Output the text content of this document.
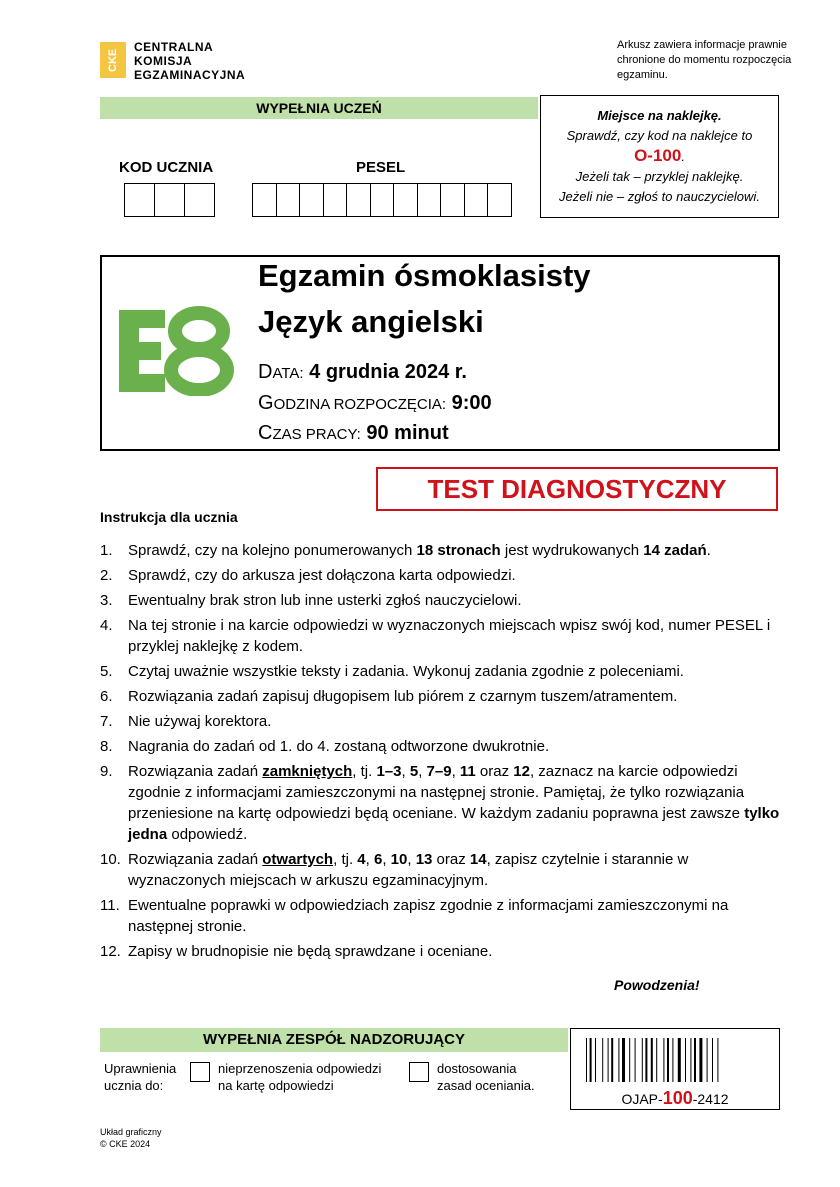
CKE
CENTRALNA
KOMISJA
EGZAMINACYJNA
Arkusz zawiera informacje prawnie chronione do momentu rozpoczęcia egzaminu.
WYPEŁNIA UCZEŃ
KOD UCZNIA	PESEL
Miejsce na naklejkę.
Sprawdź, czy kod na naklejce to
O-100.
Jeżeli tak – przyklej naklejkę.
Jeżeli nie – zgłoś to nauczycielowi.
Egzamin ósmoklasisty
Język angielski
DATA: 4 grudnia 2024 r.
GODZINA ROZPOCZĘCIA: 9:00
CZAS PRACY: 90 minut
TEST DIAGNOSTYCZNY
Instrukcja dla ucznia
1.	Sprawdź, czy na kolejno ponumerowanych 18 stronach jest wydrukowanych 14 zadań.
2.	Sprawdź, czy do arkusza jest dołączona karta odpowiedzi.
3.	Ewentualny brak stron lub inne usterki zgłoś nauczycielowi.
4.	Na tej stronie i na karcie odpowiedzi w wyznaczonych miejscach wpisz swój kod, numer PESEL i przyklej naklejkę z kodem.
5.	Czytaj uważnie wszystkie teksty i zadania. Wykonuj zadania zgodnie z poleceniami.
6.	Rozwiązania zadań zapisuj długopisem lub piórem z czarnym tuszem/atramentem.
7.	Nie używaj korektora.
8.	Nagrania do zadań od 1. do 4. zostaną odtworzone dwukrotnie.
9.	Rozwiązania zadań zamkniętych, tj. 1–3, 5, 7–9, 11 oraz 12, zaznacz na karcie odpowiedzi zgodnie z informacjami zamieszczonymi na następnej stronie. Pamiętaj, że tylko rozwiązania przeniesione na kartę odpowiedzi będą oceniane. W każdym zadaniu poprawna jest zawsze tylko jedna odpowiedź.
10. Rozwiązania zadań otwartych, tj. 4, 6, 10, 13 oraz 14, zapisz czytelnie i starannie w wyznaczonych miejscach w arkuszu egzaminacyjnym.
11. Ewentualne poprawki w odpowiedziach zapisz zgodnie z informacjami zamieszczonymi na następnej stronie.
12. Zapisy w brudnopisie nie będą sprawdzane i oceniane.
Powodzenia!
WYPEŁNIA ZESPÓŁ NADZORUJĄCY
Uprawnienia
ucznia do:
nieprzenoszenia odpowiedzi
na kartę odpowiedzi
dostosowania
zasad oceniania.
OJAP-100-2412
Układ graficzny
© CKE 2024
